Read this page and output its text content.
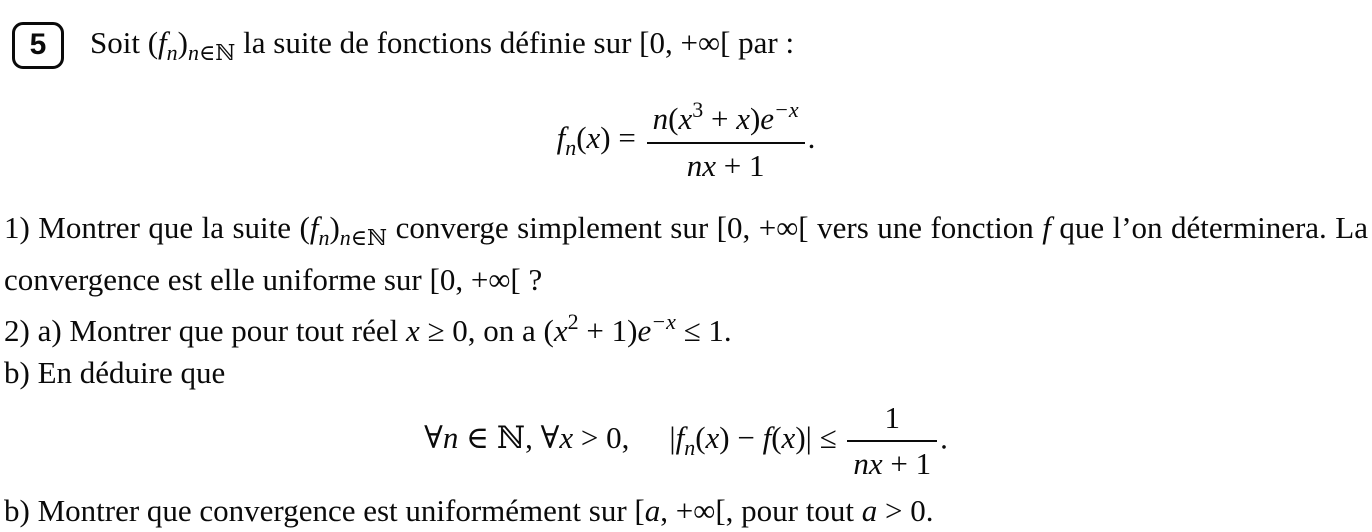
5 Soit $(f_n)_{n\in ℕ}$ la suite de fonctions définie sur [0, +∞[ par :
$f_n(x) = \frac{n(x^3 + x)e^{-x}}{nx + 1}$ .

1) Montrer que la suite $(f_n)_{n\in ℕ}$ converge simplement sur [0, +∞[ vers une fonction f que l’on déterminera. La convergence est elle uniforme sur [0, +∞[ ?

2) a) Montrer que pour tout réel x ≥ 0, on a $(x^2 + 1)e^{-x} \le 1$.

b) En déduire que

∀n ∈ ℕ, ∀x > 0, $|f_n(x) - f(x)| \le \frac{1}{nx + 1}$ .

b) Montrer que convergence est uniformément sur [a, +∞[, pour tout a > 0.
